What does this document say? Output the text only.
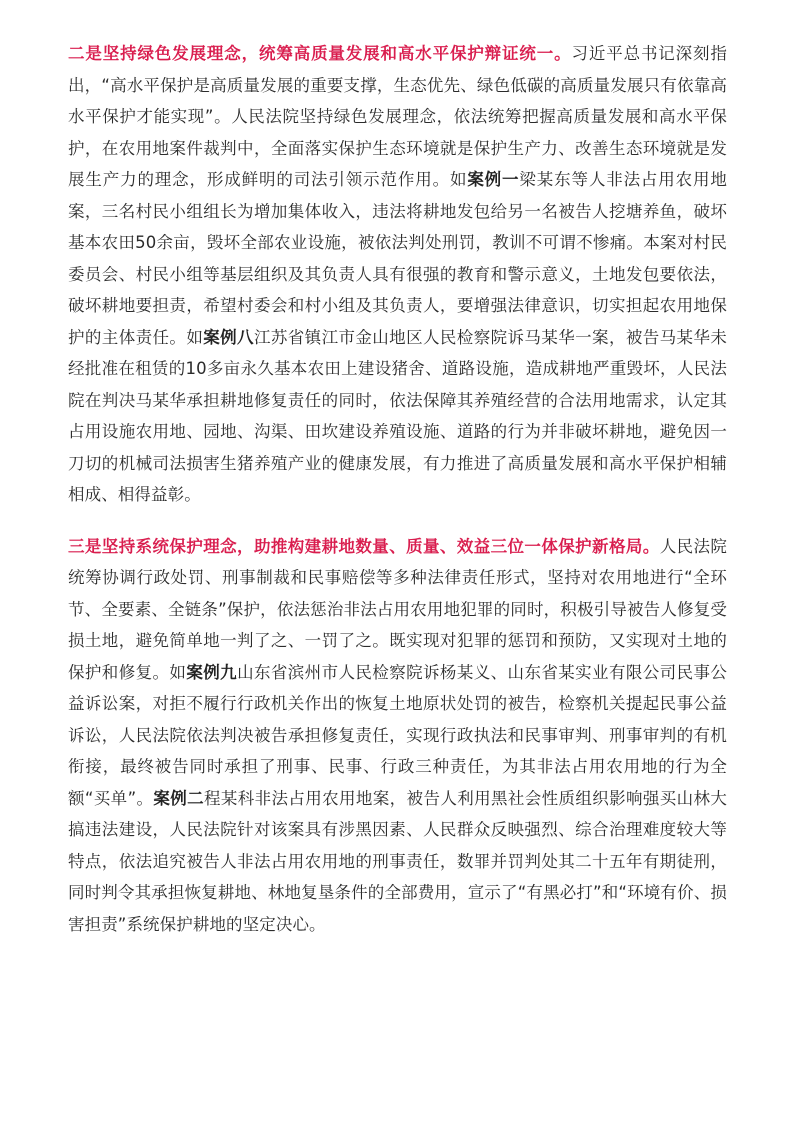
二是坚持绿色发展理念，统筹高质量发展和高水平保护辩证统一。习近平总书记深刻指出，“高水平保护是高质量发展的重要支撑，生态优先、绿色低碳的高质量发展只有依靠高水平保护才能实现”。人民法院坚持绿色发展理念，依法统筹把握高质量发展和高水平保护，在农用地案件裁判中，全面落实保护生态环境就是保护生产力、改善生态环境就是发展生产力的理念，形成鲜明的司法引领示范作用。如案例一梁某东等人非法占用农用地案，三名村民小组组长为增加集体收入，违法将耕地发包给另一名被告人挖塘养鱼，破坏基本农田50余亩，毁坏全部农业设施，被依法判处刑罚，教训不可谓不惨痛。本案对村民委员会、村民小组等基层组织及其负责人具有很强的教育和警示意义，土地发包要依法，破坏耕地要担责，希望村委会和村小组及其负责人，要增强法律意识，切实担起农用地保护的主体责任。如案例八江苏省镇江市金山地区人民检察院诉马某华一案，被告马某华未经批准在租赁的10多亩永久基本农田上建设猪舍、道路设施，造成耕地严重毁坏，人民法院在判决马某华承担耕地修复责任的同时，依法保障其养殖经营的合法用地需求，认定其占用设施农用地、园地、沟渠、田坎建设养殖设施、道路的行为并非破坏耕地，避免因一刀切的机械司法损害生猪养殖产业的健康发展，有力推进了高质量发展和高水平保护相辅相成、相得益彰。

三是坚持系统保护理念，助推构建耕地数量、质量、效益三位一体保护新格局。人民法院统筹协调行政处罚、刑事制裁和民事赔偿等多种法律责任形式，坚持对农用地进行“全环节、全要素、全链条”保护，依法惩治非法占用农用地犯罪的同时，积极引导被告人修复受损土地，避免简单地一判了之、一罚了之。既实现对犯罪的惩罚和预防，又实现对土地的保护和修复。如案例九山东省滨州市人民检察院诉杨某义、山东省某实业有限公司民事公益诉讼案，对拒不履行行政机关作出的恢复土地原状处罚的被告，检察机关提起民事公益诉讼，人民法院依法判决被告承担修复责任，实现行政执法和民事审判、刑事审判的有机衔接，最终被告同时承担了刑事、民事、行政三种责任，为其非法占用农用地的行为全额“买单”。案例二程某科非法占用农用地案，被告人利用黑社会性质组织影响强买山林大搞违法建设，人民法院针对该案具有涉黑因素、人民群众反映强烈、综合治理难度较大等特点，依法追究被告人非法占用农用地的刑事责任，数罪并罚判处其二十五年有期徒刑，同时判令其承担恢复耕地、林地复垦条件的全部费用，宣示了“有黑必打”和“环境有价、损害担责”系统保护耕地的坚定决心。
